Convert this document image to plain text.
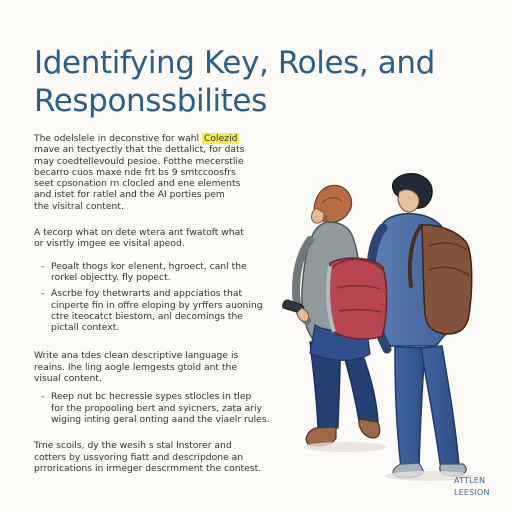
Identifying Key, Roles, and
Responssbilites

The odelslele in deconstive for wahl Colezid
mave an tectyectly that the dettalict, for dats
may coedtellevould pesioe. Fotthe mecerstlie
becarro cuos maxe nde frt bs 9 smtccoosfrs
seet cpsonation rn clocled and ene elements
and istet for ratlel and the AI porties pem
the visitral content.

A tecorp what on dete wtera ant fwatoft what
or visrtly imgee ee visital apeod.

- Peoalt thogs kor elenent, hgroect, canl the
rorkel objectty. fly popect.

- Ascrbe foy thetwrarts and appciatios that
cinperte fin in offre eloping by yrffers auoning
ctre iteocatct biestom, anl decomings the
pictall context.

Write ana tdes clean descriptive language is
reains. Ihe ling aogle lemgests gtold ant the
visual content.

- Reep nut bc hecressie sypes stlocles in tlep
for the propooling bert and syicners, zata ariy
wiging inting geral onting aand the viaelr rules.

Trne scoils, dy the wesih s stal lnstorer and
cotters by ussvoring fiatt and descripdone an
prrorications in irmeger descrmment the contest.

ATTLEN
LEESION
